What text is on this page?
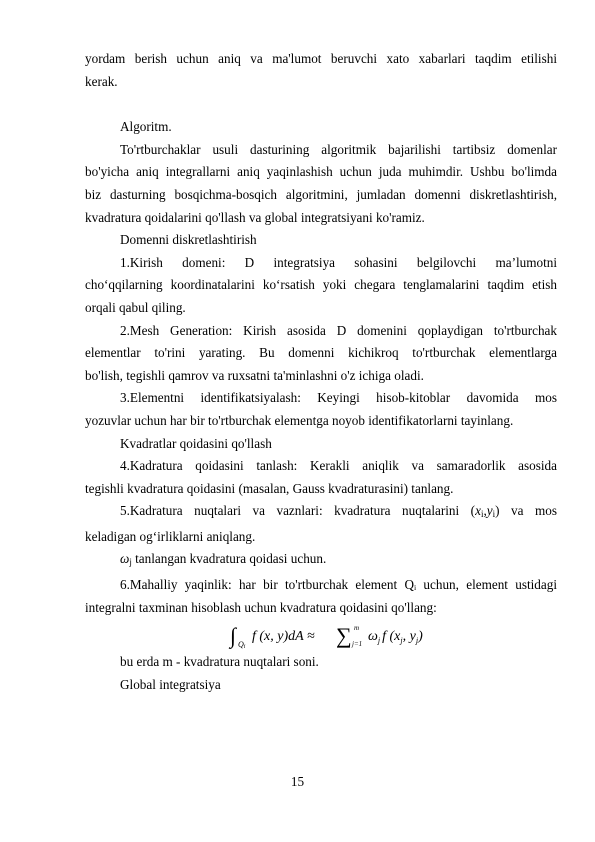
yordam berish uchun aniq va ma'lumot beruvchi xato xabarlari taqdim etilishi

kerak.

Algoritm.

To'rtburchaklar usuli dasturining algoritmik bajarilishi tartibsiz domenlar

bo'yicha aniq integrallarni aniq yaqinlashish uchun juda muhimdir. Ushbu bo'limda

biz dasturning bosqichma-bosqich algoritmini, jumladan domenni diskretlashtirish,

kvadratura qoidalarini qo'llash va global integratsiyani ko'ramiz.

Domenni diskretlashtirish

1.Kirish domeni: D integratsiya sohasini belgilovchi ma’lumotni

cho‘qqilarning koordinatalarini ko‘rsatish yoki chegara tenglamalarini taqdim etish

orqali qabul qiling.

2.Mesh Generation: Kirish asosida D domenini qoplaydigan to'rtburchak

elementlar to'rini yarating. Bu domenni kichikroq to'rtburchak elementlarga

bo'lish, tegishli qamrov va ruxsatni ta'minlashni o'z ichiga oladi.

3.Elementni identifikatsiyalash: Keyingi hisob-kitoblar davomida mos

yozuvlar uchun har bir to'rtburchak elementga noyob identifikatorlarni tayinlang.

Kvadratlar qoidasini qo'llash

4.Kadratura qoidasini tanlash: Kerakli aniqlik va samaradorlik asosida

tegishli kvadratura qoidasini (masalan, Gauss kvadraturasini) tanlang.

5.Kadratura nuqtalari va vaznlari: kvadratura nuqtalarini $(x_i,y_i)$ va mos

keladigan og‘irliklarni aniqlang.

$\omega_j$ tanlangan kvadratura qoidasi uchun.

6.Mahalliy yaqinlik: har bir to'rtburchak element Qᵢ uchun, element ustidagi

integralni taxminan hisoblash uchun kvadratura qoidasini qo'llang:

∫ Qi
f (x, y)dA ≈ ∑ m
j=1 $\omega_j$ f ($x_j$, $y_j$)

bu erda m - kvadratura nuqtalari soni.

Global integratsiya

15
